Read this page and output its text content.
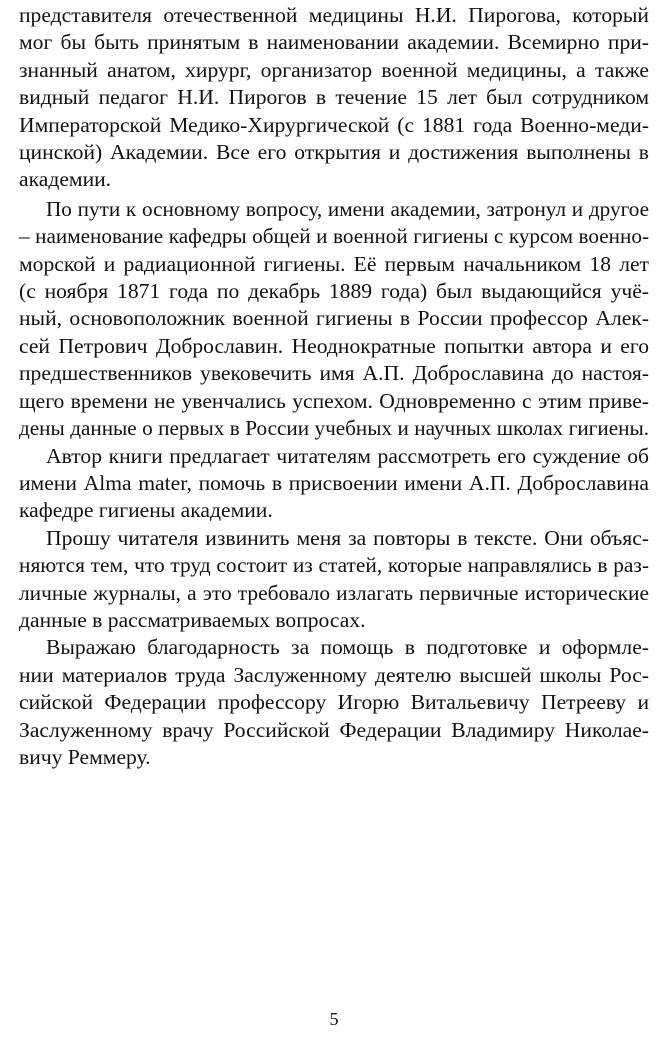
представителя отечественной медицины Н.И. Пирогова, который
мог бы быть принятым в наименовании академии. Всемирно при-
знанный анатом, хирург, организатор военной медицины, а также
видный педагог Н.И. Пирогов в течение 15 лет был сотрудником
Императорской Медико-Хирургической (с 1881 года Военно-меди-
цинской) Академии. Все его открытия и достижения выполнены в
академии.
По пути к основному вопросу, имени академии, затронул и другое
– наименование кафедры общей и военной гигиены с курсом военно-
морской и радиационной гигиены. Её первым начальником 18 лет
(с ноября 1871 года по декабрь 1889 года) был выдающийся учё-
ный, основоположник военной гигиены в России профессор Алек-
сей Петрович Доброславин. Неоднократные попытки автора и его
предшественников увековечить имя А.П. Доброславина до настоя-
щего времени не увенчались успехом. Одновременно с этим приве-
дены данные о первых в России учебных и научных школах гигиены.
Автор книги предлагает читателям рассмотреть его суждение об
имени Alma mater, помочь в присвоении имени А.П. Доброславина
кафедре гигиены академии.
Прошу читателя извинить меня за повторы в тексте. Они объяс-
няются тем, что труд состоит из статей, которые направлялись в раз-
личные журналы, а это требовало излагать первичные исторические
данные в рассматриваемых вопросах.
Выражаю благодарность за помощь в подготовке и оформле-
нии материалов труда Заслуженному деятелю высшей школы Рос-
сийской Федерации профессору Игорю Витальевичу Петрееву и
Заслуженному врачу Российской Федерации Владимиру Николае-
вичу Реммеру.
5
